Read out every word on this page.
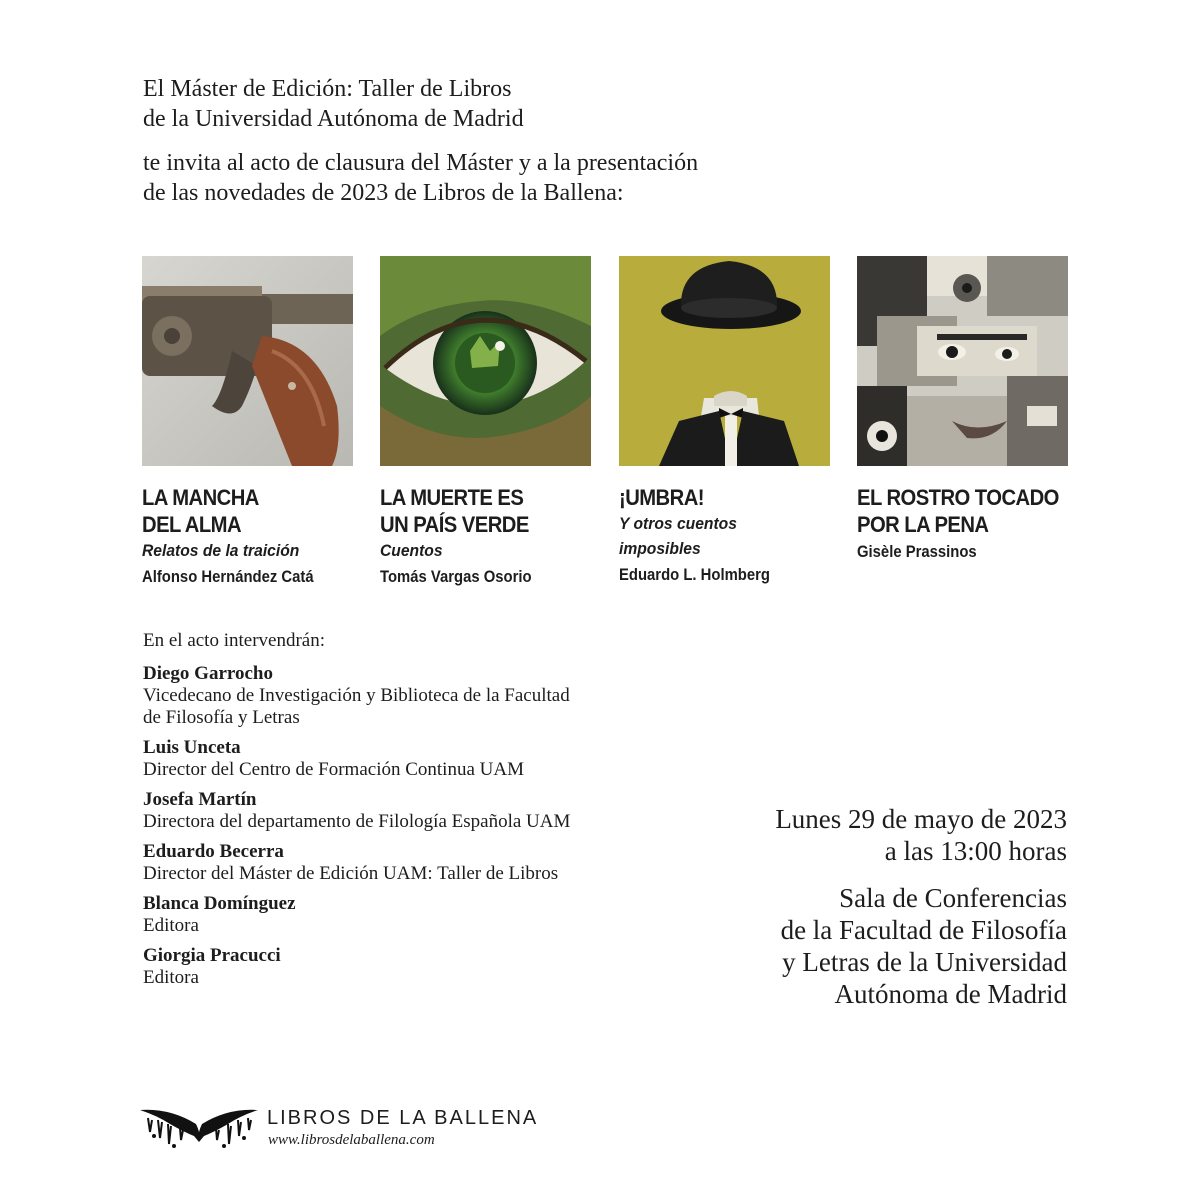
El Máster de Edición: Taller de Libros

de la Universidad Autónoma de Madrid

te invita al acto de clausura del Máster y a la presentación

de las novedades de 2023 de Libros de la Ballena:

LA MANCHA
DEL ALMA
Relatos de la traición
Alfonso Hernández Catá
LA MUERTE ES
UN PAÍS VERDE
Cuentos
Tomás Vargas Osorio
¡UMBRA!
Y otros cuentos
imposibles
Eduardo L. Holmberg
EL ROSTRO TOCADO
POR LA PENA
Gisèle Prassinos
En el acto intervendrán:
Diego Garrocho
Vicedecano de Investigación y Biblioteca de la Facultad
de Filosofía y Letras
Luis Unceta
Director del Centro de Formación Continua UAM
Josefa Martín
Directora del departamento de Filología Española UAM
Eduardo Becerra
Director del Máster de Edición UAM: Taller de Libros
Blanca Domínguez
Editora
Giorgia Pracucci
Editora
Lunes 29 de mayo de 2023
a las 13:00 horas
Sala de Conferencias
de la Facultad de Filosofía
y Letras de la Universidad
Autónoma de Madrid
LIBROS DE LA BALLENA
www.librosdelaballena.com
